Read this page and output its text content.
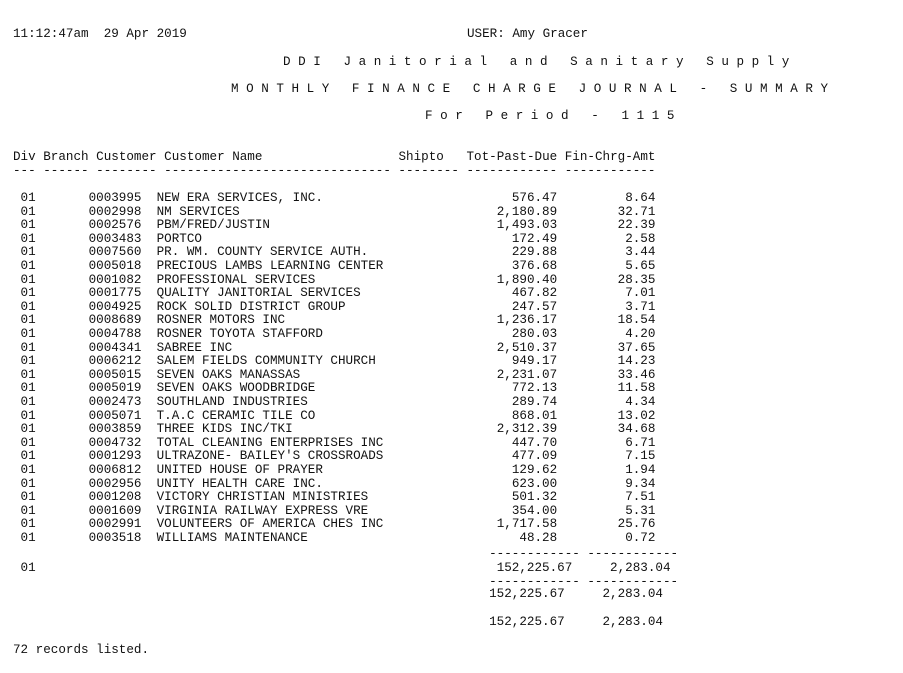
11:12:47am  29 Apr 2019	USER: Amy Gracer
D D I   J a n i t o r i a l   a n d   S a n i t a r y   S u p p l y
M O N T H L Y   F I N A N C E   C H A R G E   J O U R N A L   -   S U M M A R Y
F o r   P e r i o d   -   1 1 1 5
Div Branch Customer Customer Name                  Shipto   Tot-Past-Due Fin-Chrg-Amt
--- ------ -------- ------------------------------ -------- ------------ ------------
01       0003995  NEW ERA SERVICES, INC.                         576.47         8.64
01       0002998  NM SERVICES                                  2,180.89        32.71
01       0002576  PBM/FRED/JUSTIN                              1,493.03        22.39
01       0003483  PORTCO                                         172.49         2.58
01       0007560  PR. WM. COUNTY SERVICE AUTH.                   229.88         3.44
01       0005018  PRECIOUS LAMBS LEARNING CENTER                 376.68         5.65
01       0001082  PROFESSIONAL SERVICES                        1,890.40        28.35
01       0001775  QUALITY JANITORIAL SERVICES                    467.82         7.01
01       0004925  ROCK SOLID DISTRICT GROUP                      247.57         3.71
01       0008689  ROSNER MOTORS INC                            1,236.17        18.54
01       0004788  ROSNER TOYOTA STAFFORD                         280.03         4.20
01       0004341  SABREE INC                                   2,510.37        37.65
01       0006212  SALEM FIELDS COMMUNITY CHURCH                  949.17        14.23
01       0005015  SEVEN OAKS MANASSAS                          2,231.07        33.46
01       0005019  SEVEN OAKS WOODBRIDGE                          772.13        11.58
01       0002473  SOUTHLAND INDUSTRIES                           289.74         4.34
01       0005071  T.A.C CERAMIC TILE CO                          868.01        13.02
01       0003859  THREE KIDS INC/TKI                           2,312.39        34.68
01       0004732  TOTAL CLEANING ENTERPRISES INC                 447.70         6.71
01       0001293  ULTRAZONE- BAILEY'S CROSSROADS                 477.09         7.15
01       0006812  UNITED HOUSE OF PRAYER                         129.62         1.94
01       0002956  UNITY HEALTH CARE INC.                         623.00         9.34
01       0001208  VICTORY CHRISTIAN MINISTRIES                   501.32         7.51
01       0001609  VIRGINIA RAILWAY EXPRESS VRE                   354.00         5.31
01       0002991  VOLUNTEERS OF AMERICA CHES INC               1,717.58        25.76
01       0003518  WILLIAMS MAINTENANCE                            48.28         0.72
------------ ------------
01                                                             152,225.67     2,283.04
------------ ------------
152,225.67     2,283.04
152,225.67     2,283.04
72 records listed.
